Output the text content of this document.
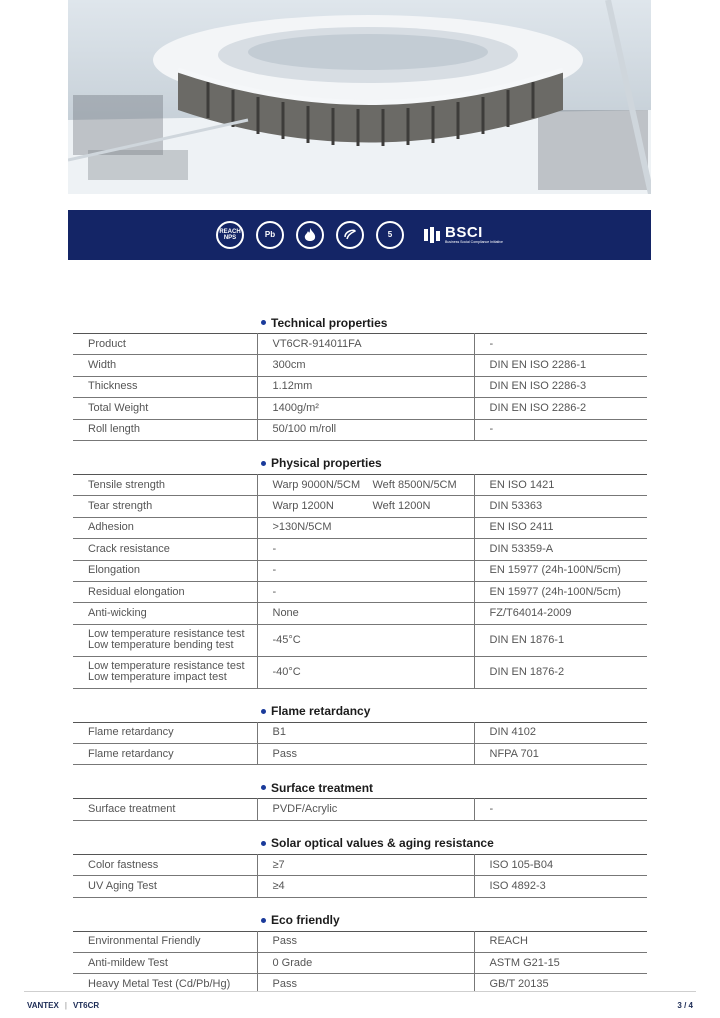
REACH
NPS	Pb	5	BSCI
Business Social Compliance Initiative
Technical properties
Product	VT6CR-914011FA	-

Width	300cm	DIN EN ISO 2286-1

Thickness	1.12mm	DIN EN ISO 2286-3

Total Weight	1400g/m²	DIN EN ISO 2286-2

Roll length	50/100 m/roll	-
Physical properties
Tensile strength	Warp 9000N/5CM Weft 8500N/5CM	EN ISO 1421

Tear strength	Warp 1200N Weft 1200N	DIN 53363

Adhesion	>130N/5CM	EN ISO 2411

Crack resistance	-	DIN 53359-A

Elongation	-	EN 15977 (24h-100N/5cm)

Residual elongation	-	EN 15977 (24h-100N/5cm)

Anti-wicking	None	FZ/T64014-2009

Low temperature resistance test
Low temperature bending test	-45°C	DIN EN 1876-1

Low temperature resistance test
Low temperature impact test	-40°C	DIN EN 1876-2
Flame retardancy
Flame retardancy	B1	DIN 4102

Flame retardancy	Pass	NFPA 701
Surface treatment
Surface treatment	PVDF/Acrylic	-
Solar optical values & aging resistance
Color fastness	≥7	ISO 105-B04

UV Aging Test	≥4	ISO 4892-3
Eco friendly
Environmental Friendly	Pass	REACH

Anti-mildew Test	0 Grade	ASTM G21-15

Heavy Metal Test (Cd/Pb/Hg)	Pass	GB/T 20135
VANTEX | VT6CR	3 / 4
